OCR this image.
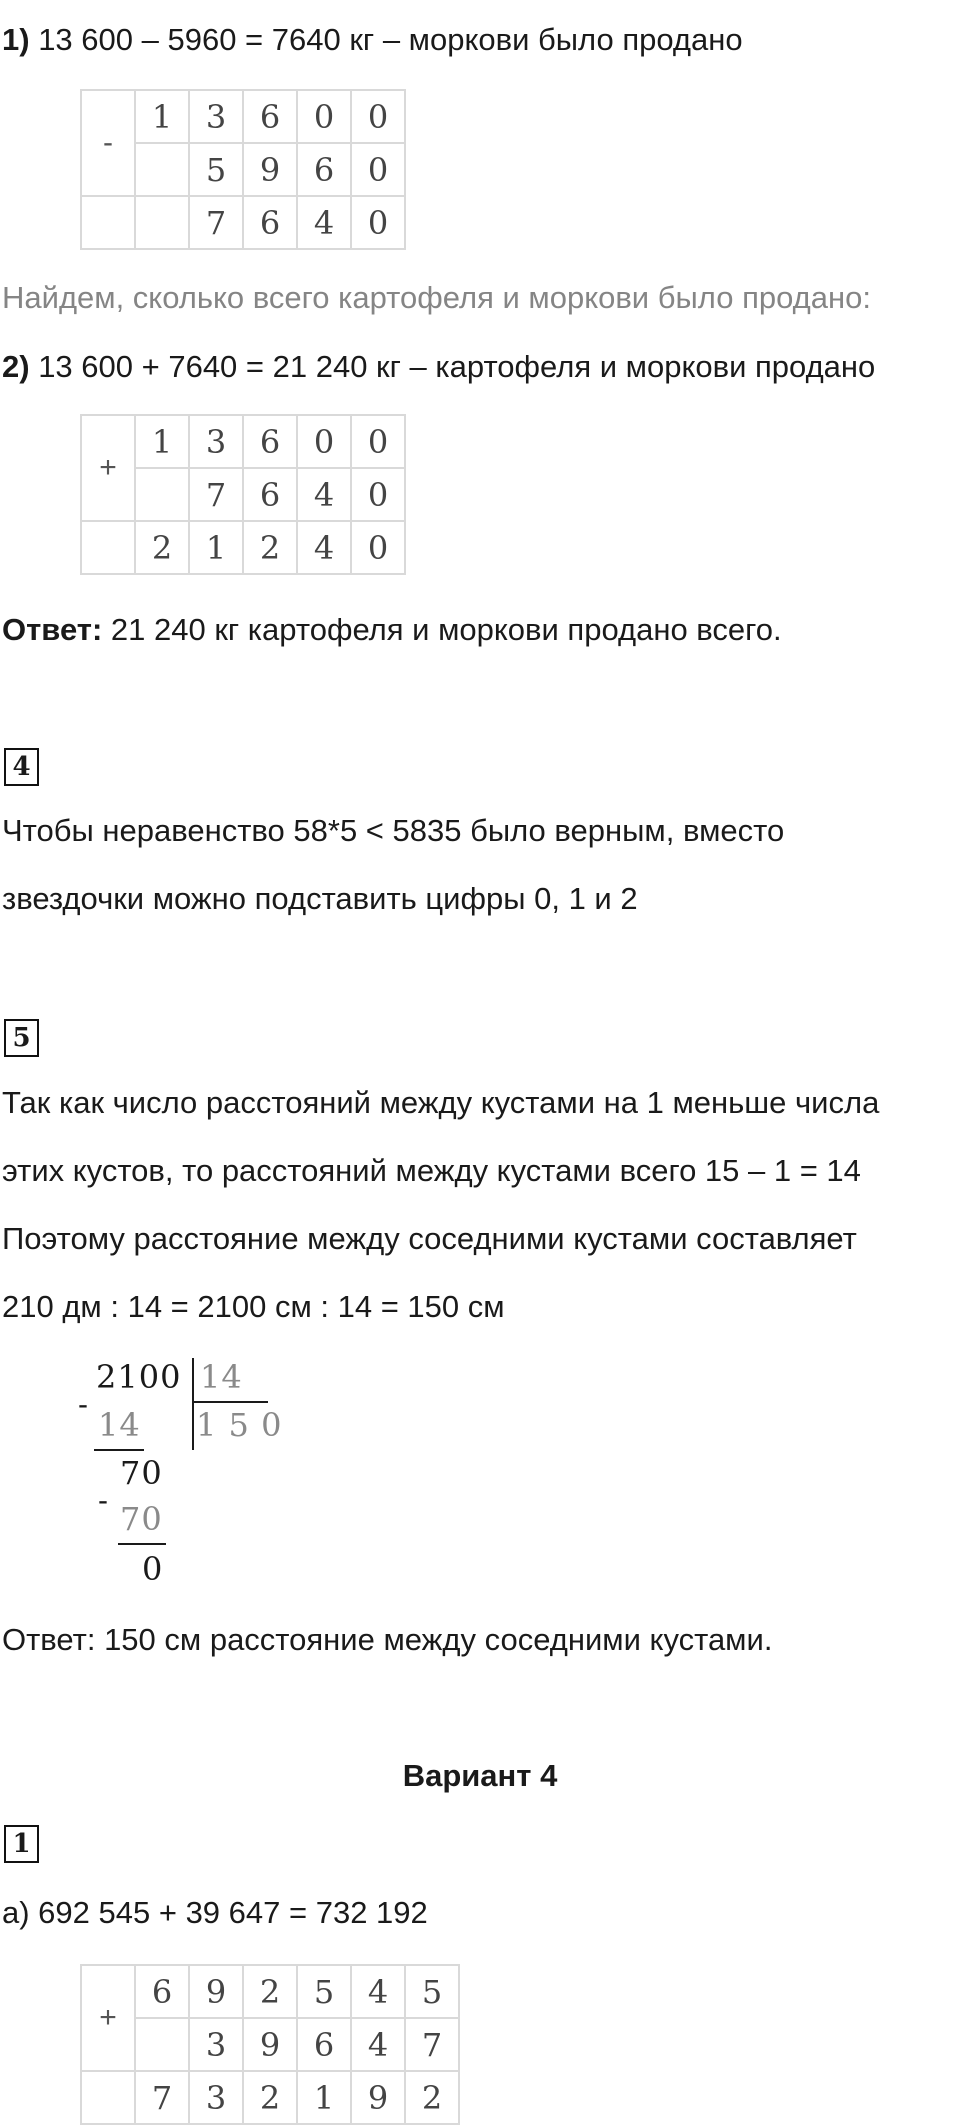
1) 13 600 – 5960 = 7640 кг – моркови было продано
-	1	3	6	0	0
		5	9	6	0
		7	6	4	0
Найдем, сколько всего картофеля и моркови было продано:
2) 13 600 + 7640 = 21 240 кг – картофеля и моркови продано
+	1	3	6	0	0
		7	6	4	0
	2	1	2	4	0
Ответ: 21 240 кг картофеля и моркови продано всего.
4
Чтобы неравенство 58*5 < 5835 было верным, вместо
звездочки можно подставить цифры 0, 1 и 2
5
Так как число расстояний между кустами на 1 меньше числа
этих кустов, то расстояний между кустами всего 15 – 1 = 14
Поэтому расстояние между соседними кустами составляет
210 дм : 14 = 2100 см : 14 = 150 см
-
2100 14
1 5 0
14
70
- 70
0
Ответ: 150 см расстояние между соседними кустами.
Вариант 4
1
а) 692 545 + 39 647 = 732 192
+	6	9	2	5	4	5
		3	9	6	4	7
	7	3	2	1	9	2
